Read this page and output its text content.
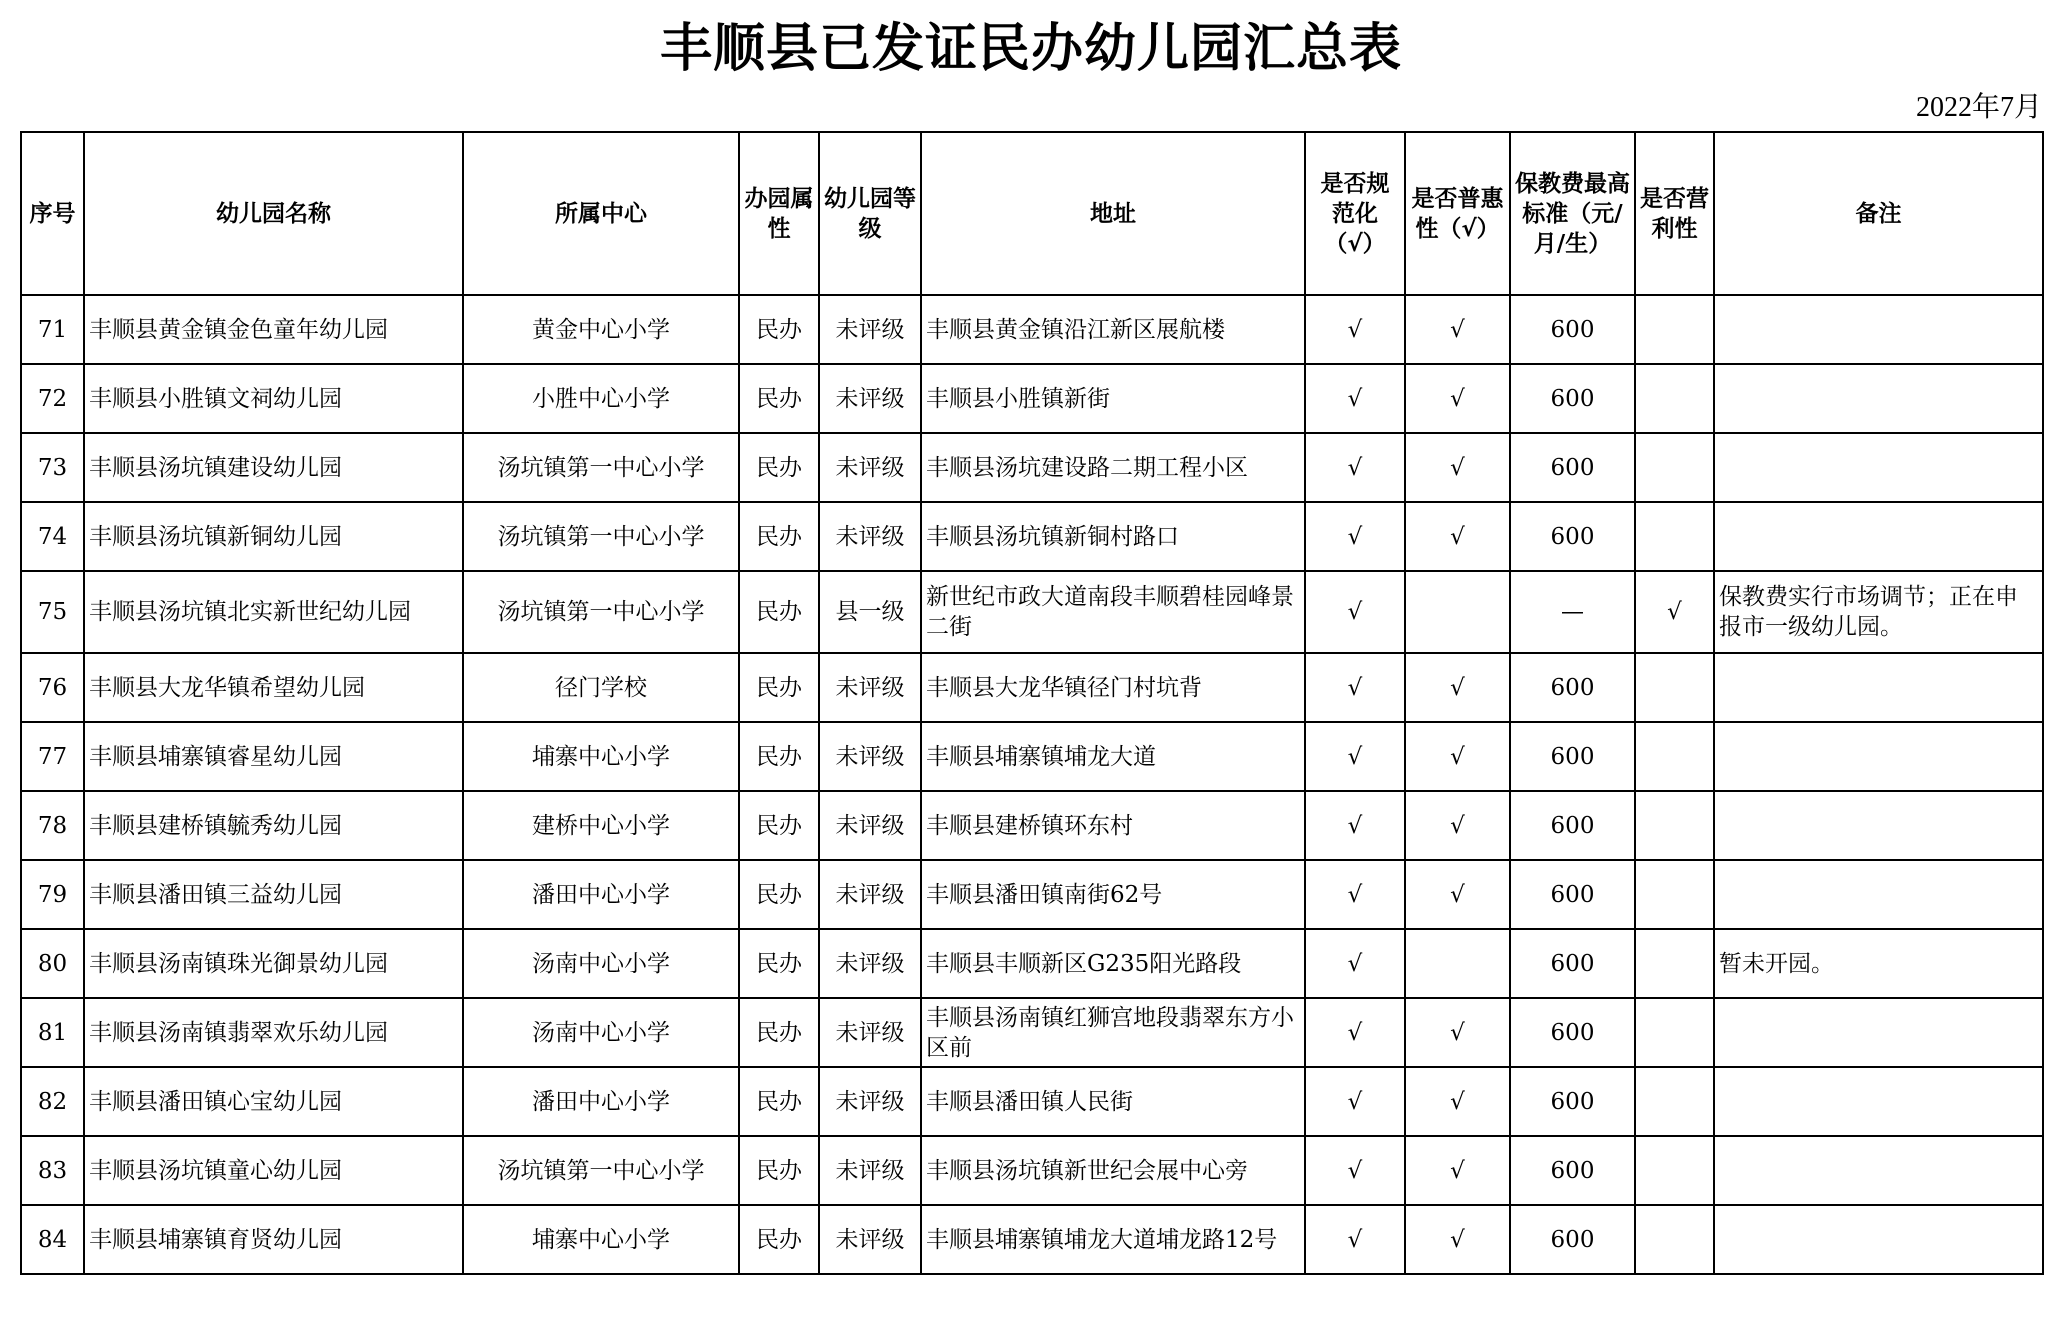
丰顺县已发证民办幼儿园汇总表
2022年7月
序号	幼儿园名称	所属中心	办园属性	幼儿园等级	地址	是否规范化（√）	是否普惠性（√）	保教费最高标准（元/月/生）	是否营利性	备注
71	丰顺县黄金镇金色童年幼儿园	黄金中心小学	民办	未评级	丰顺县黄金镇沿江新区展航楼	√	√	600		
72	丰顺县小胜镇文祠幼儿园	小胜中心小学	民办	未评级	丰顺县小胜镇新街	√	√	600		
73	丰顺县汤坑镇建设幼儿园	汤坑镇第一中心小学	民办	未评级	丰顺县汤坑建设路二期工程小区	√	√	600		
74	丰顺县汤坑镇新铜幼儿园	汤坑镇第一中心小学	民办	未评级	丰顺县汤坑镇新铜村路口	√	√	600		
75	丰顺县汤坑镇北实新世纪幼儿园	汤坑镇第一中心小学	民办	县一级	新世纪市政大道南段丰顺碧桂园峰景二街	√		—	√	保教费实行市场调节；正在申报市一级幼儿园。
76	丰顺县大龙华镇希望幼儿园	径门学校	民办	未评级	丰顺县大龙华镇径门村坑背	√	√	600		
77	丰顺县埔寨镇睿星幼儿园	埔寨中心小学	民办	未评级	丰顺县埔寨镇埔龙大道	√	√	600		
78	丰顺县建桥镇毓秀幼儿园	建桥中心小学	民办	未评级	丰顺县建桥镇环东村	√	√	600		
79	丰顺县潘田镇三益幼儿园	潘田中心小学	民办	未评级	丰顺县潘田镇南街62号	√	√	600		
80	丰顺县汤南镇珠光御景幼儿园	汤南中心小学	民办	未评级	丰顺县丰顺新区G235阳光路段	√		600		暂未开园。
81	丰顺县汤南镇翡翠欢乐幼儿园	汤南中心小学	民办	未评级	丰顺县汤南镇红狮宫地段翡翠东方小区前	√	√	600		
82	丰顺县潘田镇心宝幼儿园	潘田中心小学	民办	未评级	丰顺县潘田镇人民街	√	√	600		
83	丰顺县汤坑镇童心幼儿园	汤坑镇第一中心小学	民办	未评级	丰顺县汤坑镇新世纪会展中心旁	√	√	600		
84	丰顺县埔寨镇育贤幼儿园	埔寨中心小学	民办	未评级	丰顺县埔寨镇埔龙大道埔龙路12号	√	√	600		
